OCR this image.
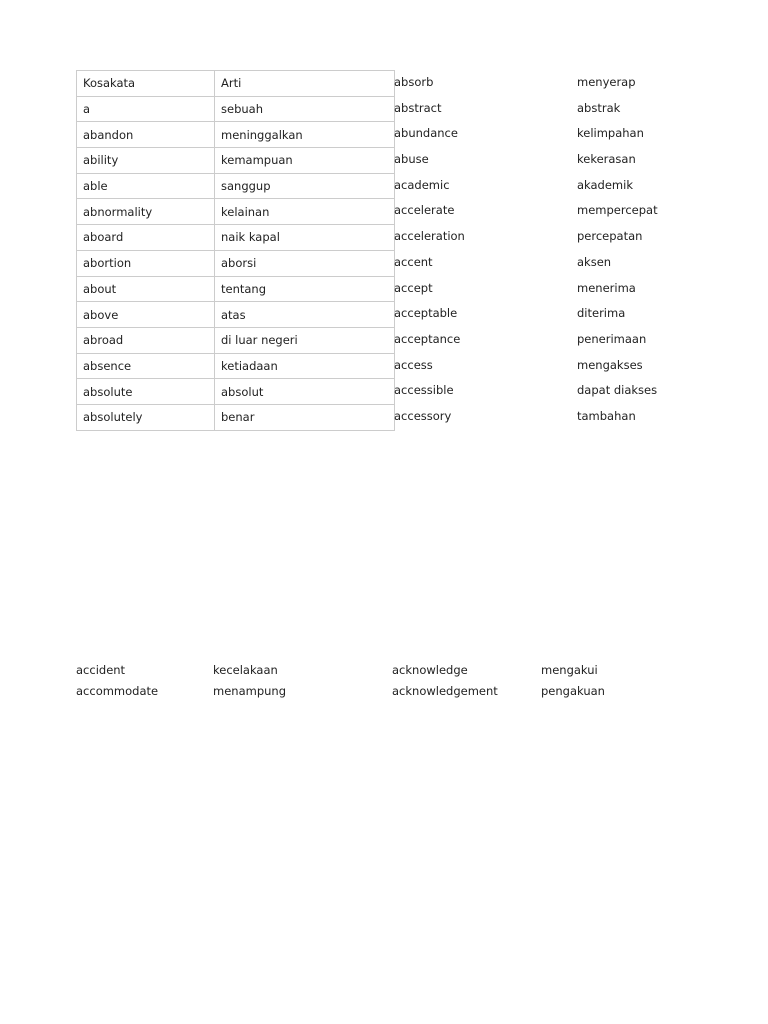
Kosakata	Arti
a	sebuah
abandon	meninggalkan
ability	kemampuan
able	sanggup
abnormality	kelainan
aboard	naik kapal
abortion	aborsi
about	tentang
above	atas
abroad	di luar negeri
absence	ketiadaan
absolute	absolut
absolutely	benar
absorb	menyerap
abstract	abstrak
abundance	kelimpahan
abuse	kekerasan
academic	akademik
accelerate	mempercepat
acceleration	percepatan
accent	aksen
accept	menerima
acceptable	diterima
acceptance	penerimaan
access	mengakses
accessible	dapat diakses
accessory	tambahan
accident	kecelakaan	acknowledge	mengakui
accommodate	menampung	acknowledgement	pengakuan
